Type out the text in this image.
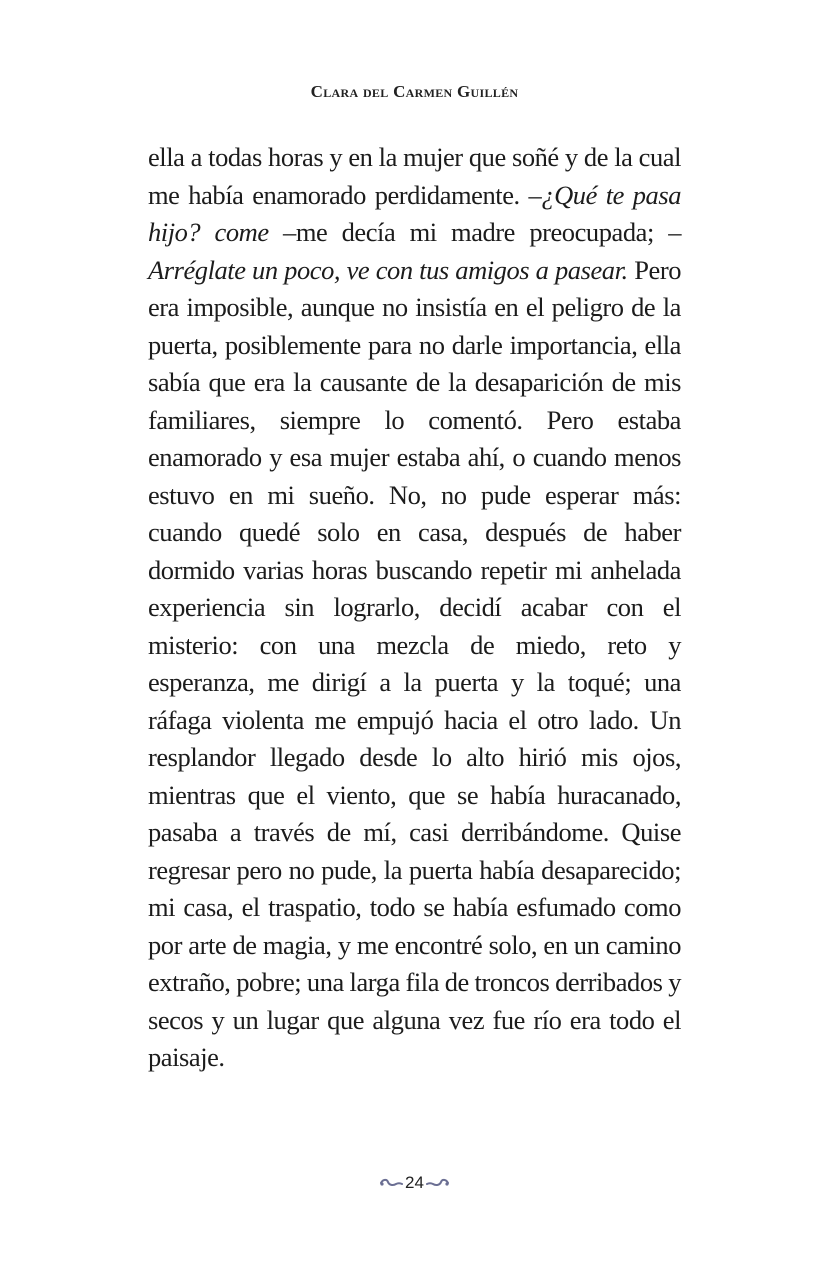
Clara del Carmen Guillén

ella a todas horas y en la mujer que soñé y de la cual me había enamorado perdidamente. –¿Qué te pasa hijo? come –me decía mi madre preocupada; –Arréglate un poco, ve con tus amigos a pasear. Pero era imposible, aunque no insistía en el peligro de la puerta, posiblemente para no darle importancia, ella sabía que era la causante de la desaparición de mis familiares, siempre lo comentó. Pero estaba enamorado y esa mujer estaba ahí, o cuando menos estuvo en mi sueño. No, no pude esperar más: cuando quedé solo en casa, después de haber dormido varias horas buscando repetir mi anhelada experiencia sin lograrlo, decidí acabar con el misterio: con una mezcla de miedo, reto y esperanza, me dirigí a la puerta y la toqué; una ráfaga violenta me empujó hacia el otro lado. Un resplandor llegado desde lo alto hirió mis ojos, mientras que el viento, que se había huracanado, pasaba a través de mí, casi derribándome. Quise regresar pero no pude, la puerta había desaparecido; mi casa, el traspatio, todo se había esfumado como por arte de magia, y me encontré solo, en un camino extraño, pobre; una larga fila de troncos derribados y secos y un lugar que alguna vez fue río era todo el paisaje.

24
